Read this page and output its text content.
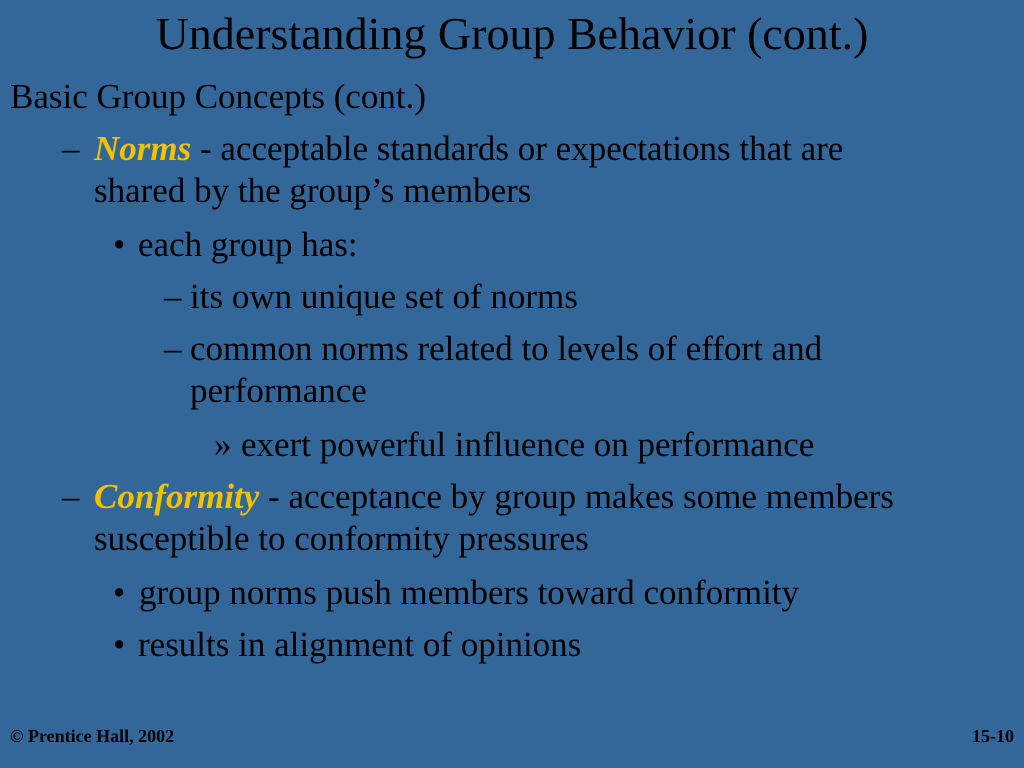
Understanding Group Behavior (cont.)
Basic Group Concepts (cont.)
– Norms - acceptable standards or expectations that are
shared by the group’s members
• each group has:
– its own unique set of norms
– common norms related to levels of effort and
performance
» exert powerful influence on performance
– Conformity - acceptance by group makes some members
susceptible to conformity pressures
• group norms push members toward conformity
• results in alignment of opinions
© Prentice Hall, 2002	15-10
